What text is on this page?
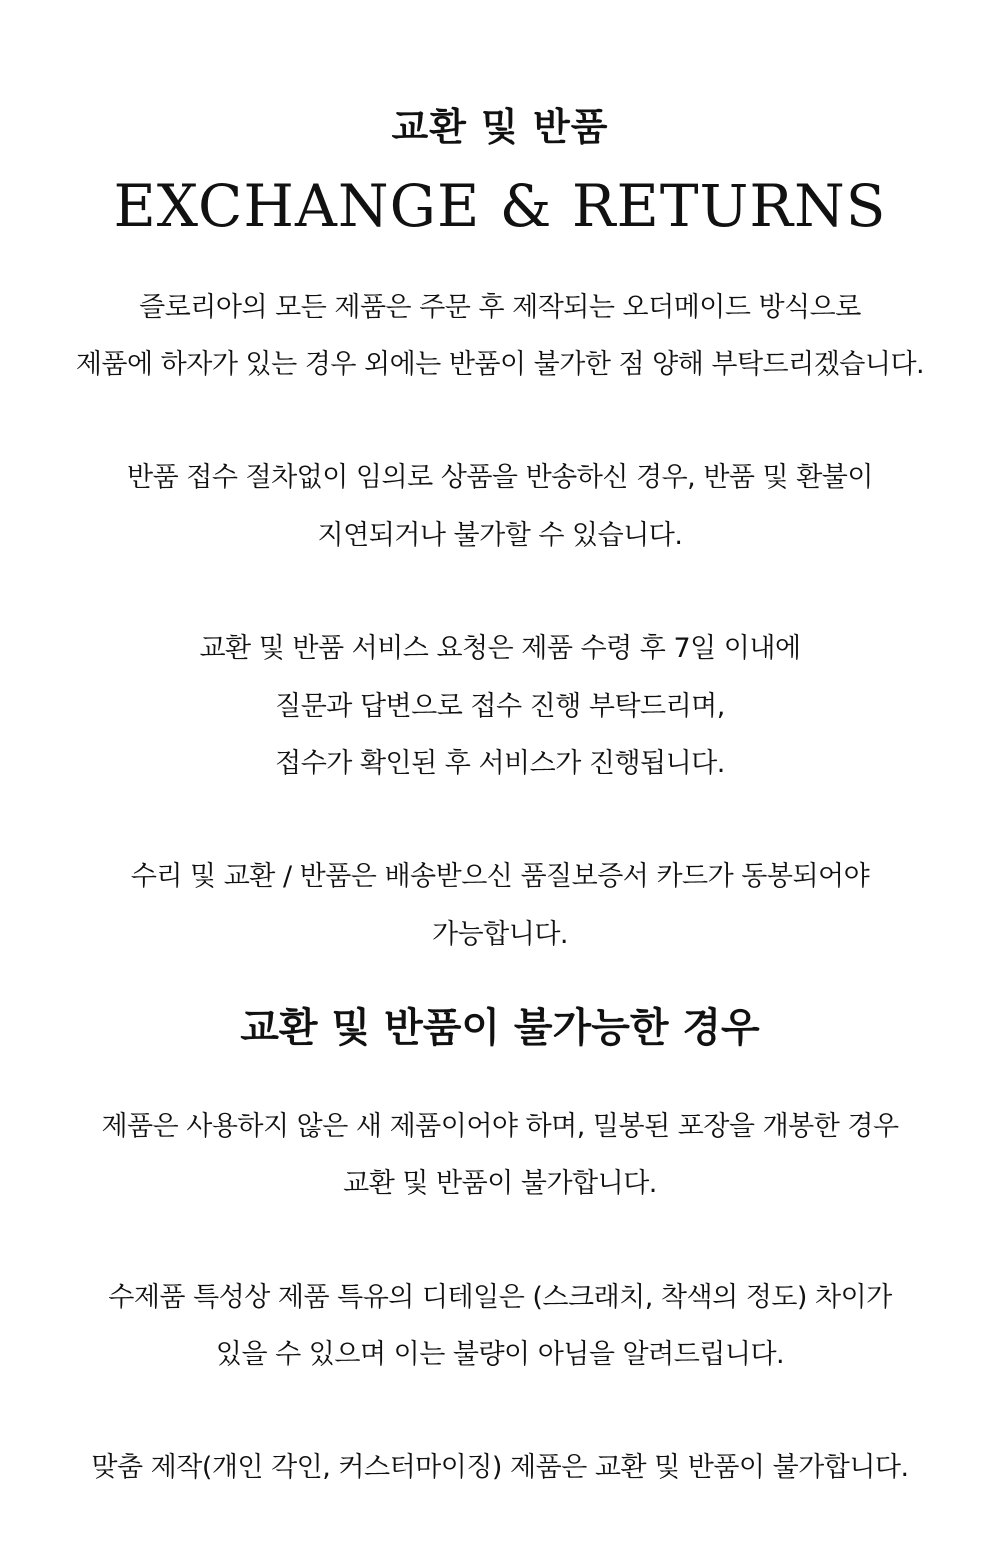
교환 및 반품
EXCHANGE & RETURNS

즐로리아의 모든 제품은 주문 후 제작되는 오더메이드 방식으로

제품에 하자가 있는 경우 외에는 반품이 불가한 점 양해 부탁드리겠습니다.

반품 접수 절차없이 임의로 상품을 반송하신 경우, 반품 및 환불이

지연되거나 불가할 수 있습니다.

교환 및 반품 서비스 요청은 제품 수령 후 7일 이내에

질문과 답변으로 접수 진행 부탁드리며,

접수가 확인된 후 서비스가 진행됩니다.

수리 및 교환 / 반품은 배송받으신 품질보증서 카드가 동봉되어야

가능합니다.

교환 및 반품이 불가능한 경우

제품은 사용하지 않은 새 제품이어야 하며, 밀봉된 포장을 개봉한 경우

교환 및 반품이 불가합니다.

수제품 특성상 제품 특유의 디테일은 (스크래치, 착색의 정도) 차이가

있을 수 있으며 이는 불량이 아님을 알려드립니다.

맞춤 제작(개인 각인, 커스터마이징) 제품은 교환 및 반품이 불가합니다.
